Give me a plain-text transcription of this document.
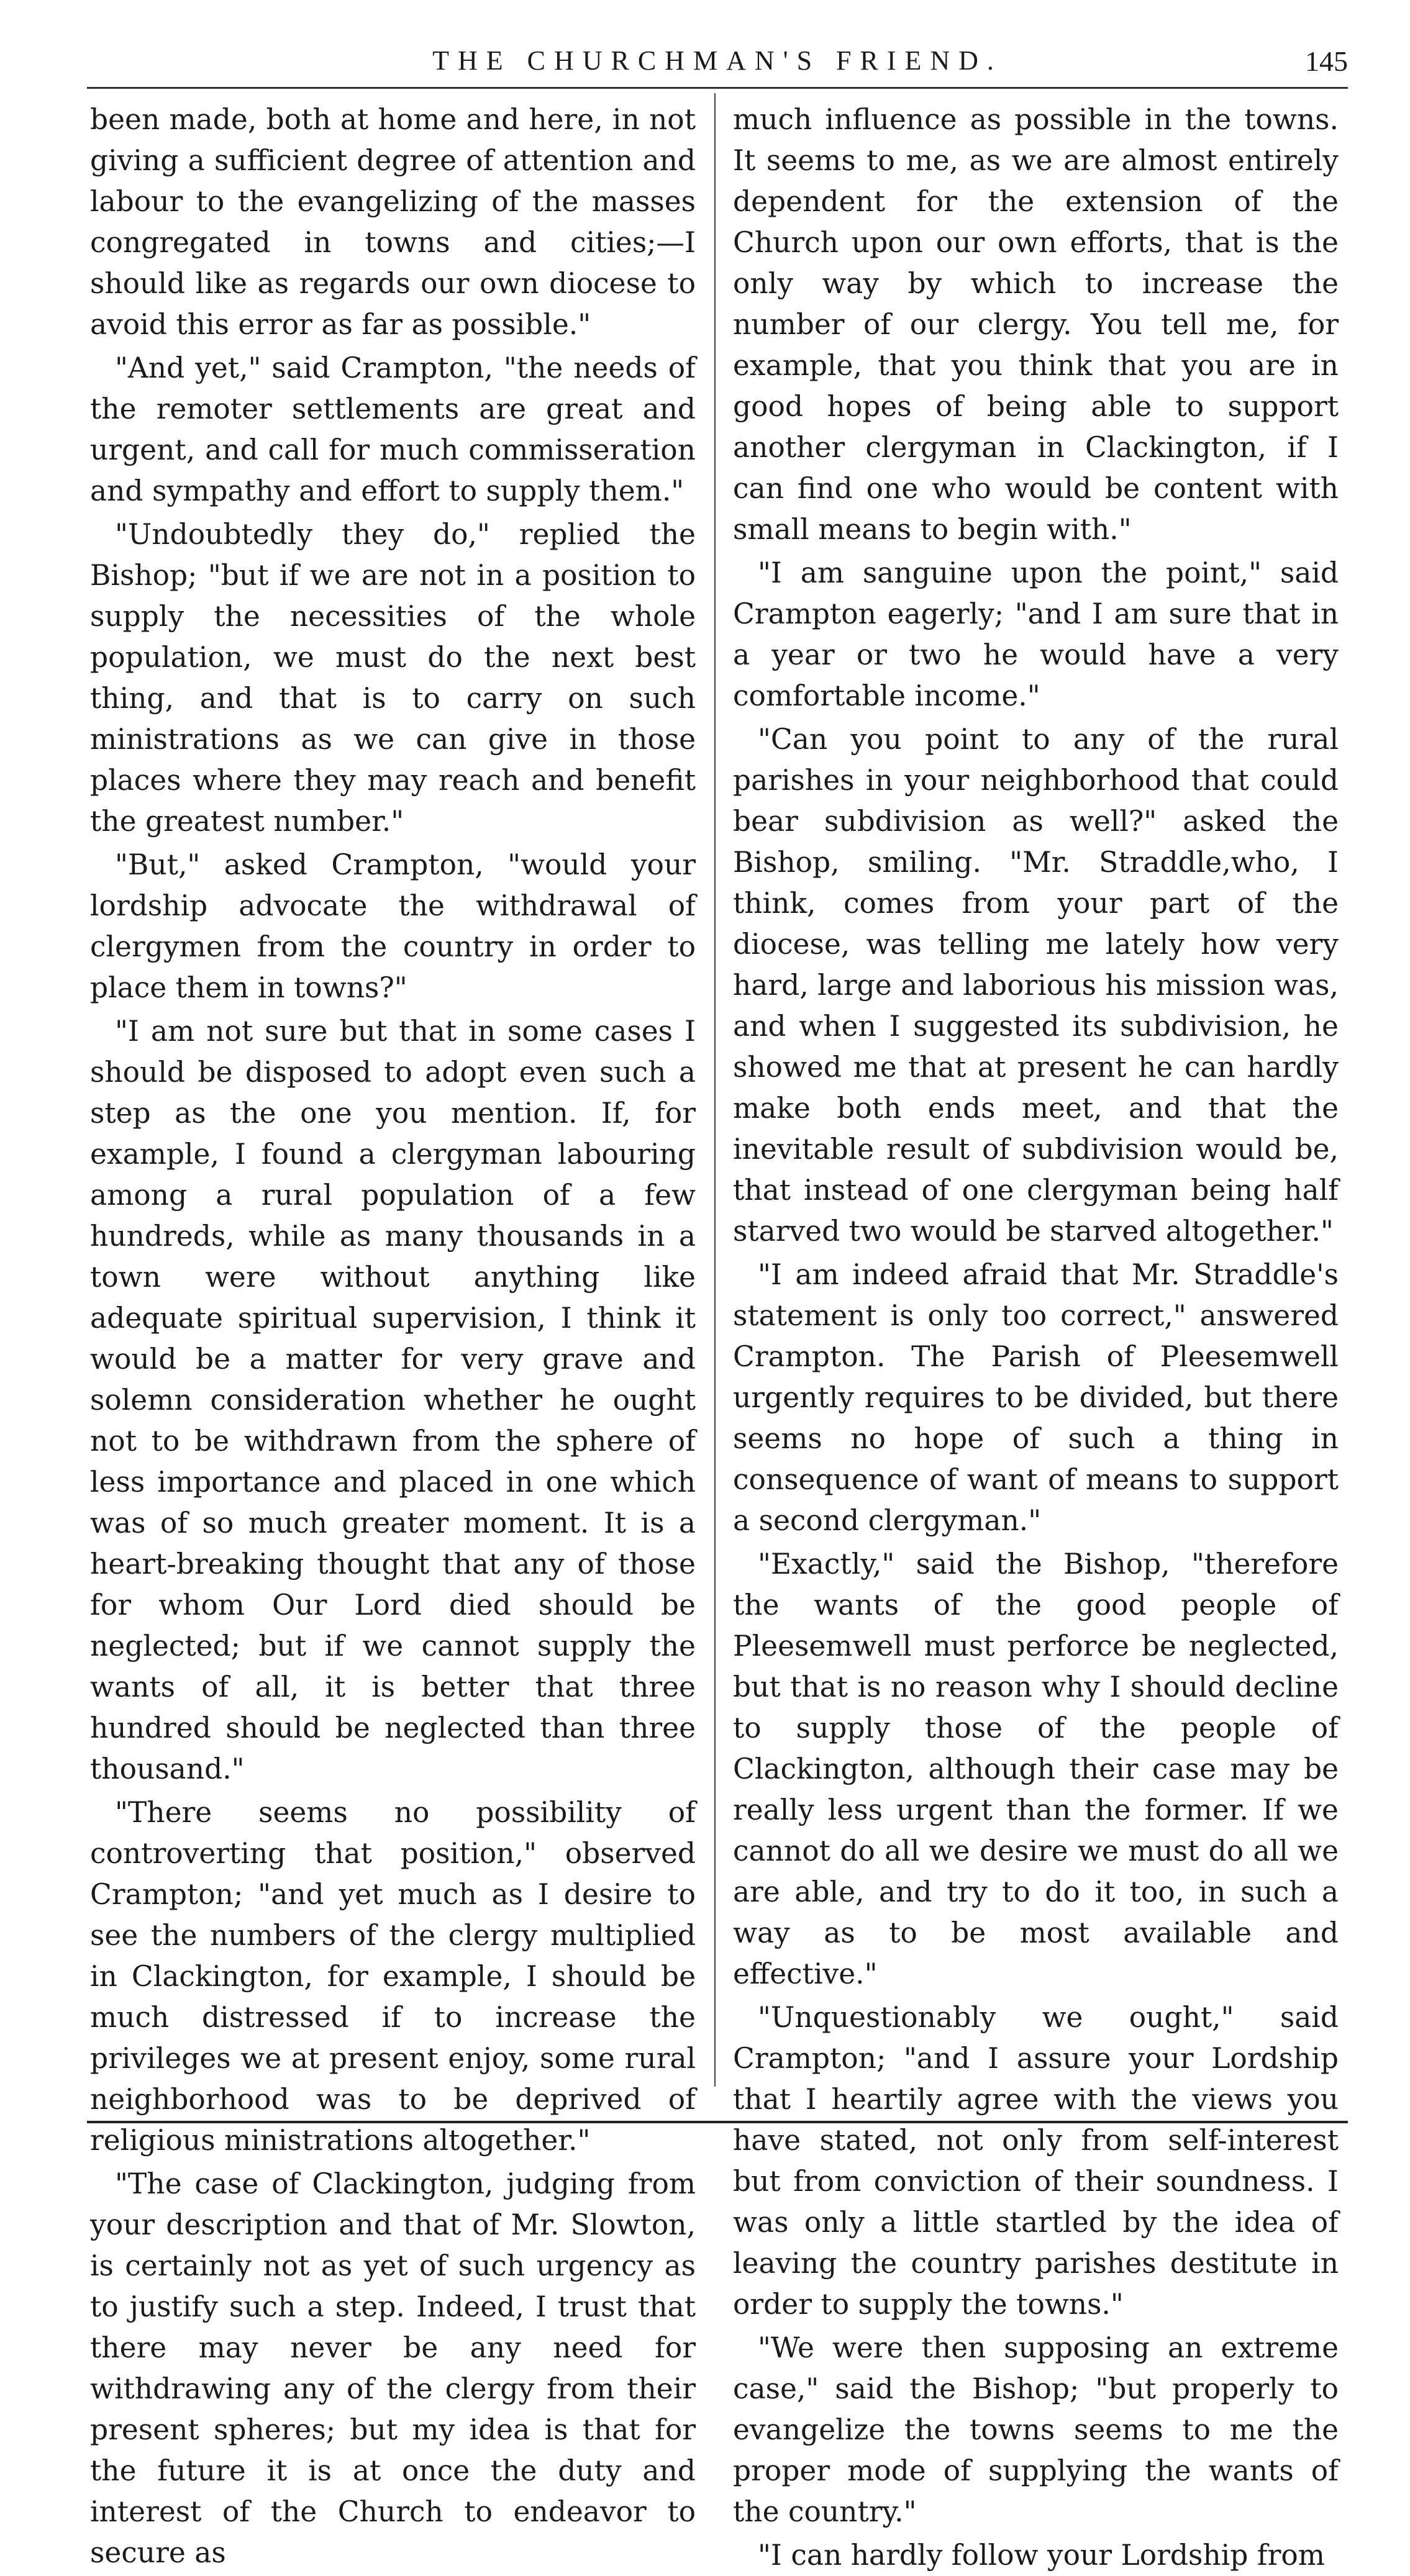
THE CHURCHMAN'S FRIEND.	145

been made, both at home and here, in not giving a sufficient degree of attention and labour to the evangelizing of the masses congregated in towns and cities;—I should like as regards our own diocese to avoid this error as far as possible."

"And yet," said Crampton, "the needs of the remoter settlements are great and urgent, and call for much commisseration and sympathy and effort to supply them."

"Undoubtedly they do," replied the Bishop; "but if we are not in a position to supply the necessities of the whole population, we must do the next best thing, and that is to carry on such ministrations as we can give in those places where they may reach and benefit the greatest number."

"But," asked Crampton, "would your lordship advocate the withdrawal of clergymen from the country in order to place them in towns?"

"I am not sure but that in some cases I should be disposed to adopt even such a step as the one you mention. If, for example, I found a clergyman labouring among a rural population of a few hundreds, while as many thousands in a town were without anything like adequate spiritual supervision, I think it would be a matter for very grave and solemn consideration whether he ought not to be withdrawn from the sphere of less importance and placed in one which was of so much greater moment. It is a heart-breaking thought that any of those for whom Our Lord died should be neglected; but if we cannot supply the wants of all, it is better that three hundred should be neglected than three thousand."

"There seems no possibility of controverting that position," observed Crampton; "and yet much as I desire to see the numbers of the clergy multiplied in Clackington, for example, I should be much distressed if to increase the privileges we at present enjoy, some rural neighborhood was to be deprived of religious ministrations altogether."

"The case of Clackington, judging from your description and that of Mr. Slowton, is certainly not as yet of such urgency as to justify such a step. Indeed, I trust that there may never be any need for withdrawing any of the clergy from their present spheres; but my idea is that for the future it is at once the duty and interest of the Church to endeavor to secure as

much influence as possible in the towns. It seems to me, as we are almost entirely dependent for the extension of the Church upon our own efforts, that is the only way by which to increase the number of our clergy. You tell me, for example, that you think that you are in good hopes of being able to support another clergyman in Clackington, if I can find one who would be content with small means to begin with."

"I am sanguine upon the point," said Crampton eagerly; "and I am sure that in a year or two he would have a very comfortable income."

"Can you point to any of the rural parishes in your neighborhood that could bear subdivision as well?" asked the Bishop, smiling. "Mr. Straddle,who, I think, comes from your part of the diocese, was telling me lately how very hard, large and laborious his mission was, and when I suggested its subdivision, he showed me that at present he can hardly make both ends meet, and that the inevitable result of subdivision would be, that instead of one clergyman being half starved two would be starved altogether."

"I am indeed afraid that Mr. Straddle's statement is only too correct," answered Crampton. The Parish of Pleesemwell urgently requires to be divided, but there seems no hope of such a thing in consequence of want of means to support a second clergyman."

"Exactly," said the Bishop, "therefore the wants of the good people of Pleesemwell must perforce be neglected, but that is no reason why I should decline to supply those of the people of Clackington, although their case may be really less urgent than the former. If we cannot do all we desire we must do all we are able, and try to do it too, in such a way as to be most available and effective."

"Unquestionably we ought," said Crampton; "and I assure your Lordship that I heartily agree with the views you have stated, not only from self-interest but from conviction of their soundness. I was only a little startled by the idea of leaving the country parishes destitute in order to supply the towns."

"We were then supposing an extreme case," said the Bishop; "but properly to evangelize the towns seems to me the proper mode of supplying the wants of the country."

"I can hardly follow your Lordship from
